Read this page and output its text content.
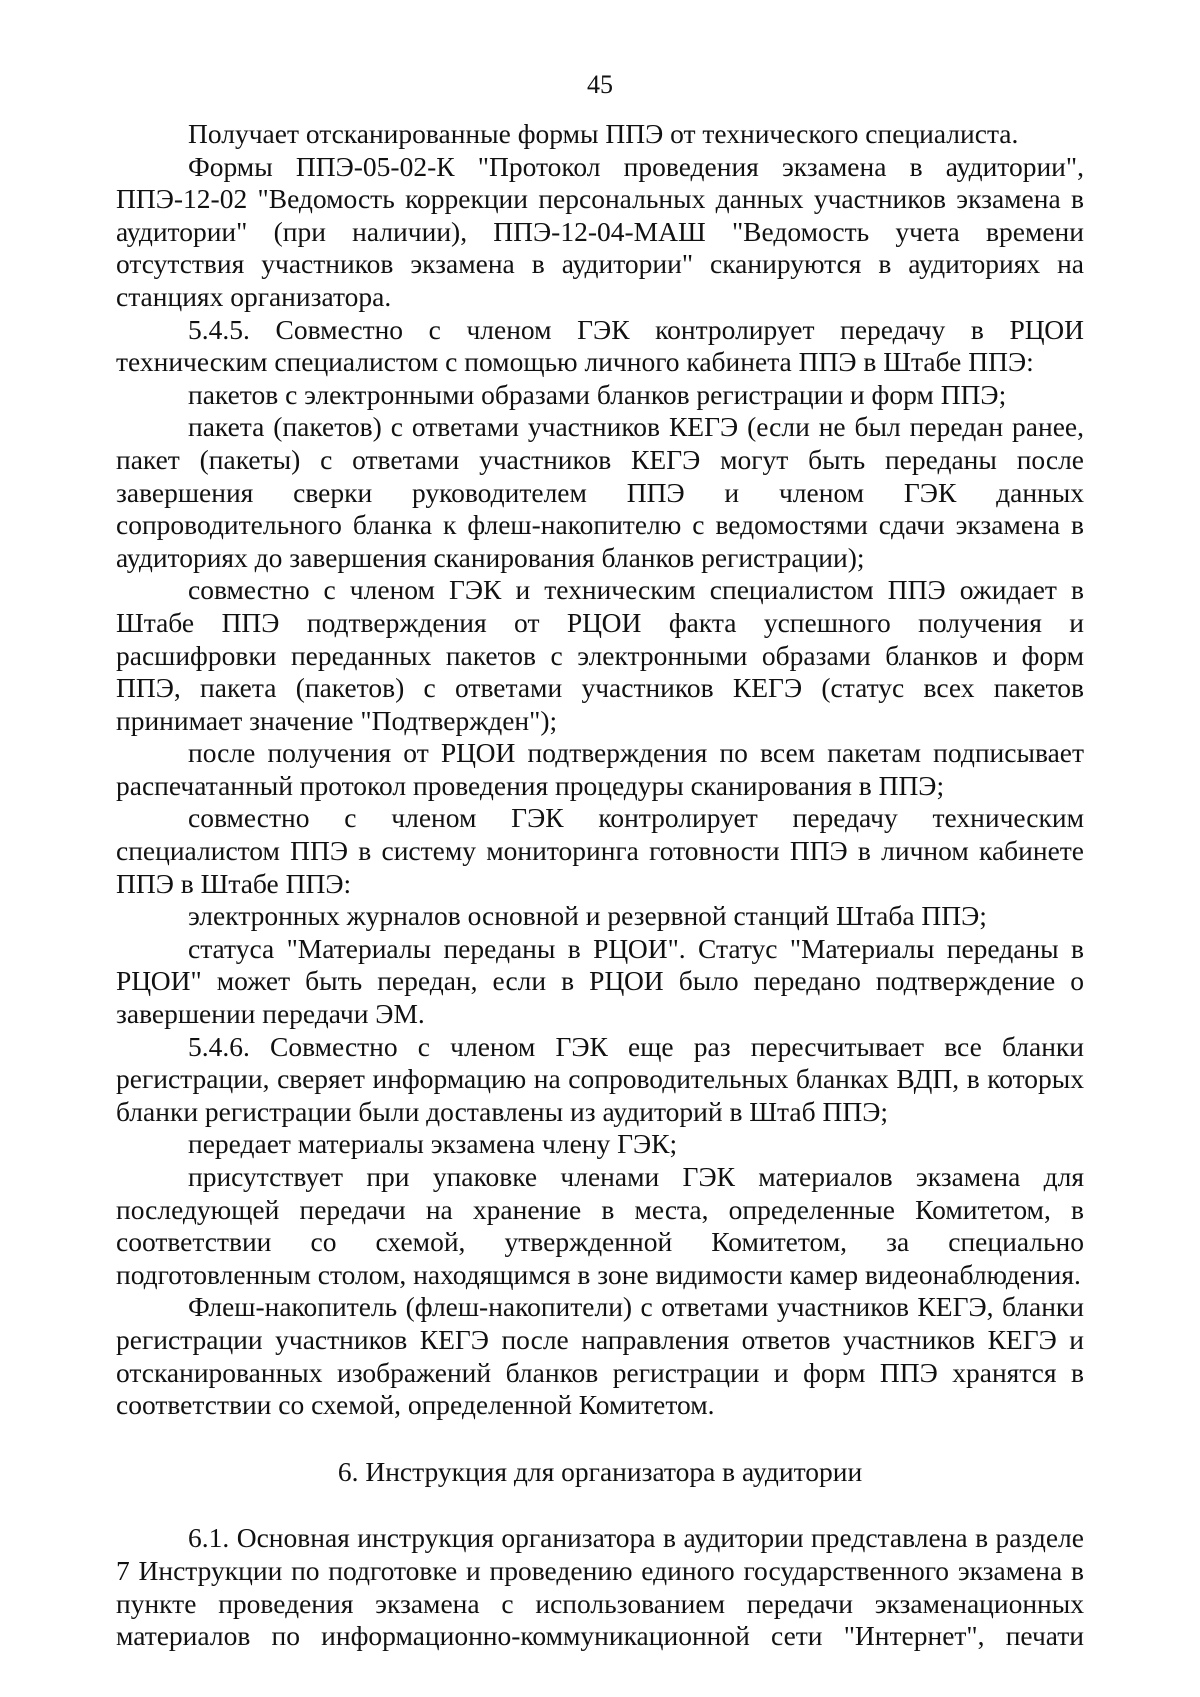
45

Получает отсканированные формы ППЭ от технического специалиста.

Формы ППЭ-05-02-К "Протокол проведения экзамена в аудитории", ППЭ-12-02 "Ведомость коррекции персональных данных участников экзамена в аудитории" (при наличии), ППЭ-12-04-МАШ "Ведомость учета времени отсутствия участников экзамена в аудитории" сканируются в аудиториях на станциях организатора.

5.4.5. Совместно с членом ГЭК контролирует передачу в РЦОИ техническим специалистом с помощью личного кабинета ППЭ в Штабе ППЭ:

пакетов с электронными образами бланков регистрации и форм ППЭ;

пакета (пакетов) с ответами участников КЕГЭ (если не был передан ранее, пакет (пакеты) с ответами участников КЕГЭ могут быть переданы после завершения сверки руководителем ППЭ и членом ГЭК данных сопроводительного бланка к флеш-накопителю с ведомостями сдачи экзамена в аудиториях до завершения сканирования бланков регистрации);

совместно с членом ГЭК и техническим специалистом ППЭ ожидает в Штабе ППЭ подтверждения от РЦОИ факта успешного получения и расшифровки переданных пакетов с электронными образами бланков и форм ППЭ, пакета (пакетов) с ответами участников КЕГЭ (статус всех пакетов принимает значение "Подтвержден");

после получения от РЦОИ подтверждения по всем пакетам подписывает распечатанный протокол проведения процедуры сканирования в ППЭ;

совместно с членом ГЭК контролирует передачу техническим специалистом ППЭ в систему мониторинга готовности ППЭ в личном кабинете ППЭ в Штабе ППЭ:

электронных журналов основной и резервной станций Штаба ППЭ;

статуса "Материалы переданы в РЦОИ". Статус "Материалы переданы в РЦОИ" может быть передан, если в РЦОИ было передано подтверждение о завершении передачи ЭМ.

5.4.6. Совместно с членом ГЭК еще раз пересчитывает все бланки регистрации, сверяет информацию на сопроводительных бланках ВДП, в которых бланки регистрации были доставлены из аудиторий в Штаб ППЭ;

передает материалы экзамена члену ГЭК;

присутствует при упаковке членами ГЭК материалов экзамена для последующей передачи на хранение в места, определенные Комитетом, в соответствии со схемой, утвержденной Комитетом, за специально подготовленным столом, находящимся в зоне видимости камер видеонаблюдения.

Флеш-накопитель (флеш-накопители) с ответами участников КЕГЭ, бланки регистрации участников КЕГЭ после направления ответов участников КЕГЭ и отсканированных изображений бланков регистрации и форм ППЭ хранятся в соответствии со схемой, определенной Комитетом.

6. Инструкция для организатора в аудитории

6.1. Основная инструкция организатора в аудитории представлена в разделе 7 Инструкции по подготовке и проведению единого государственного экзамена в пункте проведения экзамена с использованием передачи экзаменационных материалов по информационно-коммуникационной сети "Интернет", печати
